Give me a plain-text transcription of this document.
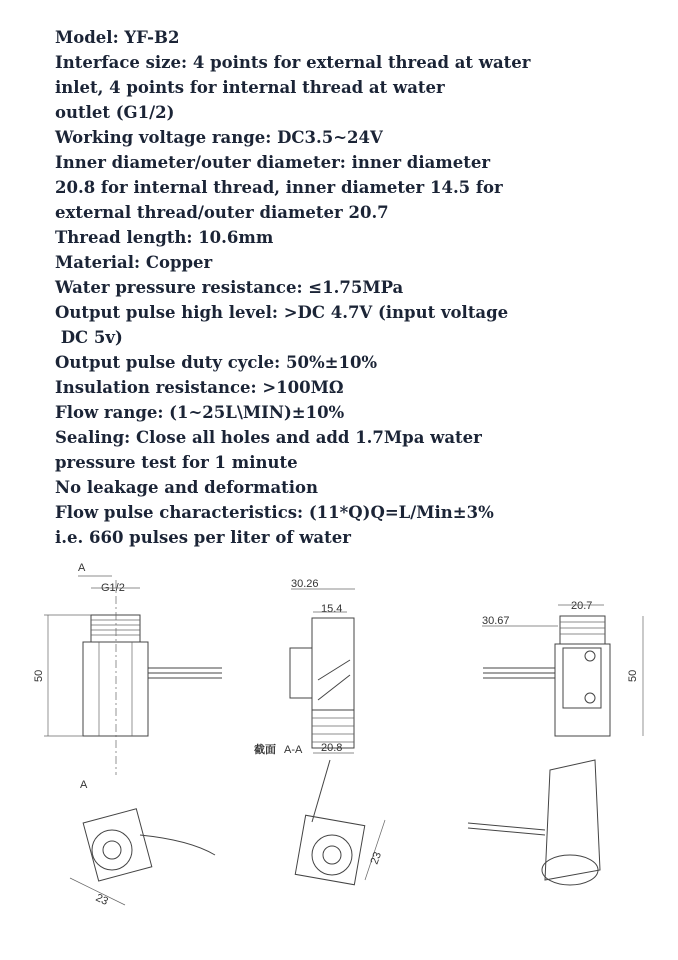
Model: YF-B2
Interface size: 4 points for external thread at water
inlet, 4 points for internal thread at water
outlet (G1/2)
Working voltage range: DC3.5~24V
Inner diameter/outer diameter: inner diameter
20.8 for internal thread, inner diameter 14.5 for
external thread/outer diameter 20.7
Thread length: 10.6mm
Material: Copper
Water pressure resistance: ≤1.75MPa
Output pulse high level: >DC 4.7V (input voltage
DC 5v)
Output pulse duty cycle: 50%±10%
Insulation resistance: >100MΩ
Flow range: (1~25L\MIN)±10%
Sealing: Close all holes and add 1.7Mpa water
pressure test for 1 minute
No leakage and deformation
Flow pulse characteristics: (11*Q)Q=L/Min±3%
i.e. 660 pulses per liter of water
A
G1/2
50
A
30.26
15.4
截面 A-A 20.8
20.7
30.67
50
23
23
